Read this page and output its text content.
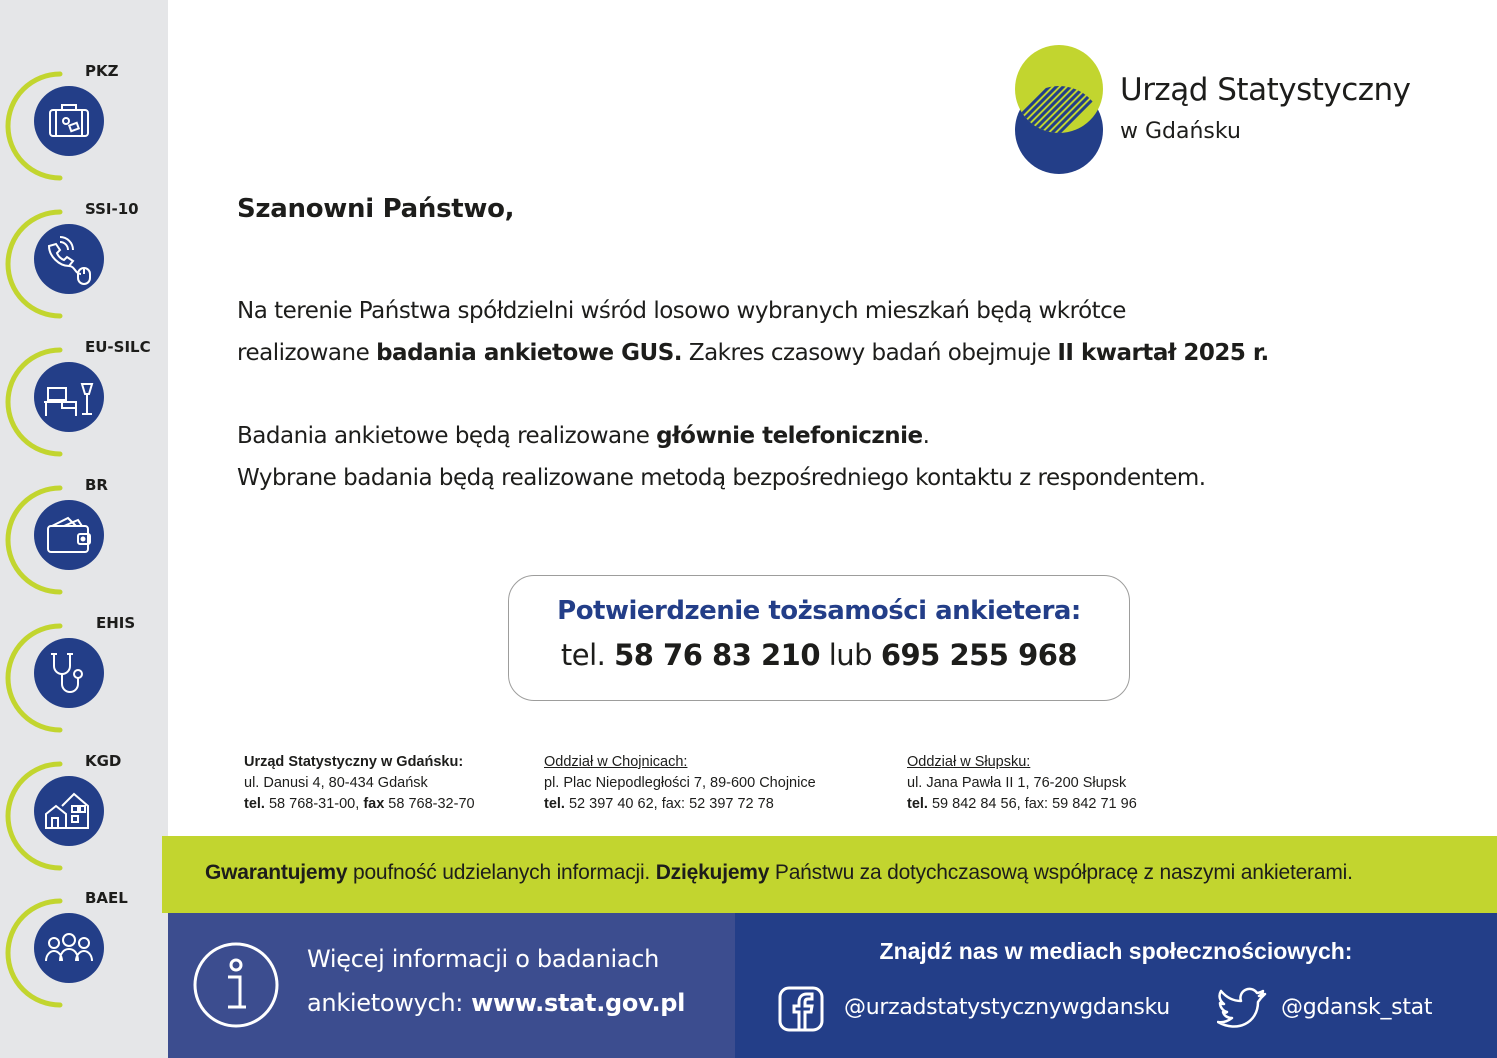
PKZ
SSI-10
EU-SILC
BR
EHIS
KGD
BAEL
Urząd Statystyczny
w Gdańsku
Szanowni Państwo,
Na terenie Państwa spółdzielni wśród losowo wybranych mieszkań będą wkrótce
realizowane badania ankietowe GUS. Zakres czasowy badań obejmuje II kwartał 2025 r.
Badania ankietowe będą realizowane głównie telefonicznie.
Wybrane badania będą realizowane metodą bezpośredniego kontaktu z respondentem.
Potwierdzenie tożsamości ankietera:
tel. 58 76 83 210 lub 695 255 968
Urząd Statystyczny w Gdańsku:
ul. Danusi 4, 80-434 Gdańsk
tel. 58 768-31-00, fax 58 768-32-70
Oddział w Chojnicach:
pl. Plac Niepodległości 7, 89-600 Chojnice
tel. 52 397 40 62, fax: 52 397 72 78
Oddział w Słupsku:
ul. Jana Pawła II 1, 76-200 Słupsk
tel. 59 842 84 56, fax: 59 842 71 96

Gwarantujemy poufność udzielanych informacji. Dziękujemy Państwu za dotychczasową współpracę z naszymi ankieterami.

Więcej informacji o badaniach
ankietowych: www.stat.gov.pl
Znajdź nas w mediach społecznościowych:
@urzadstatystycznywgdansku	@gdansk_stat
